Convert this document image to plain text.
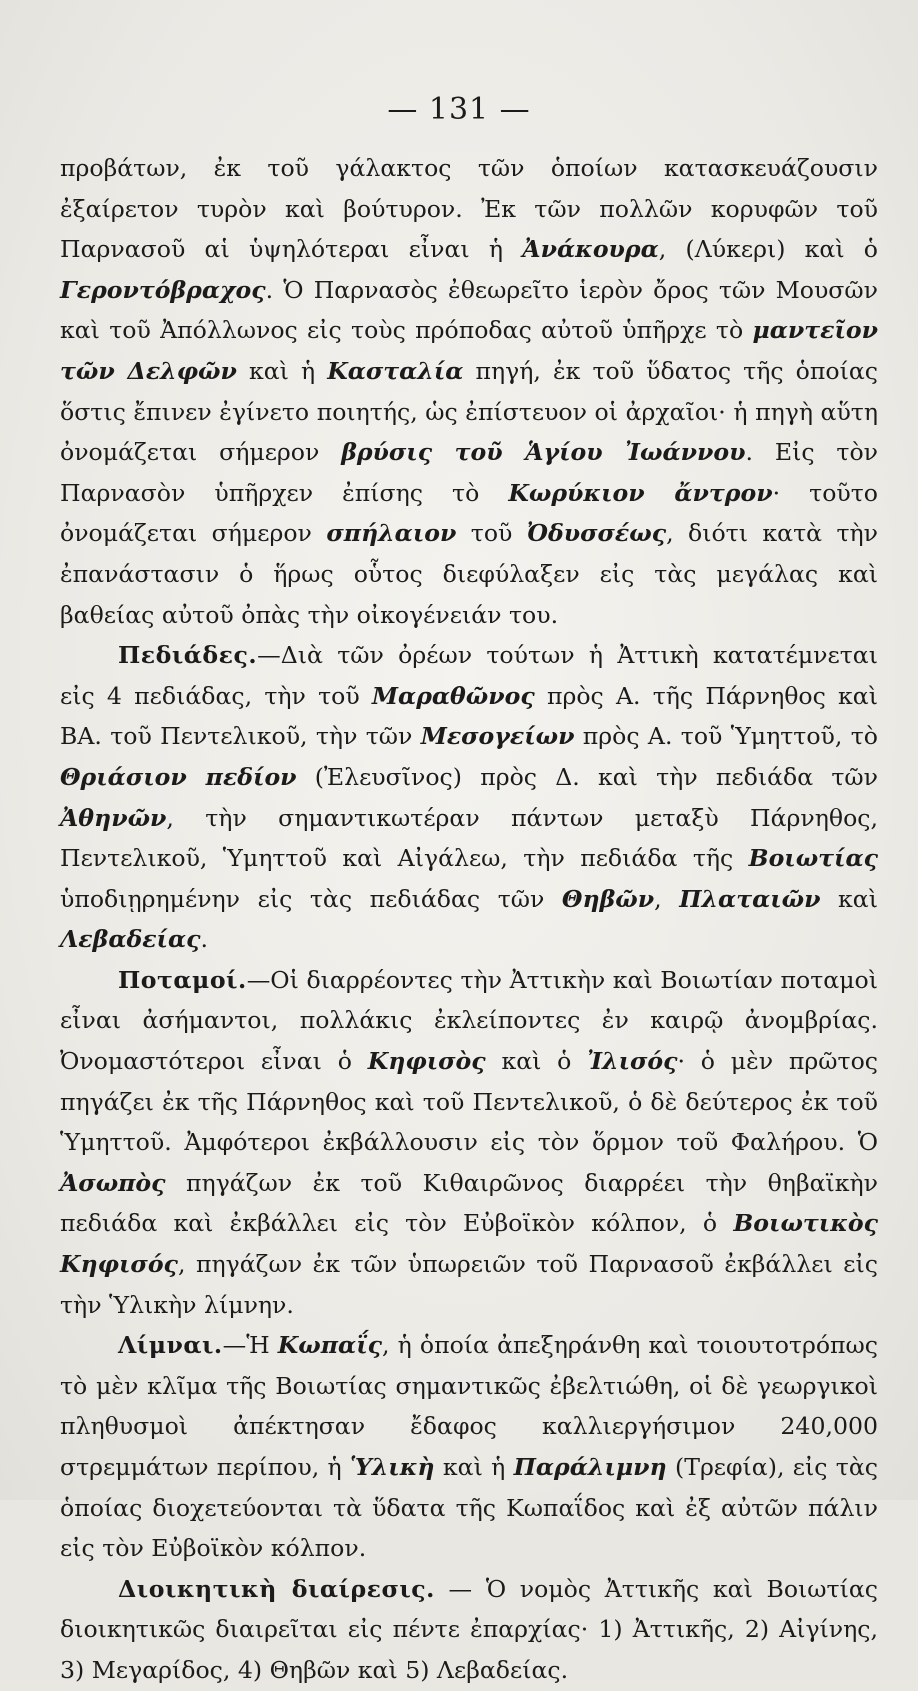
— 131 —

προβάτων, ἐκ τοῦ γάλακτος τῶν ὁποίων κατασκευάζουσιν ἐξαίρετον τυρὸν καὶ βούτυρον. Ἐκ τῶν πολλῶν κορυφῶν τοῦ Παρνασοῦ αἱ ὑψηλότεραι εἶναι ἡ Ἀνάκουρα, (Λύκερι) καὶ ὁ Γεροντόβραχος. Ὁ Παρνασὸς ἐθεωρεῖτο ἱερὸν ὄρος τῶν Μουσῶν καὶ τοῦ Ἀπόλλωνος εἰς τοὺς πρόποδας αὐτοῦ ὑπῆρχε τὸ μαντεῖον τῶν Δελφῶν καὶ ἡ Κασταλία πηγή, ἐκ τοῦ ὕδατος τῆς ὁποίας ὅστις ἔπινεν ἐγίνετο ποιητής, ὡς ἐπίστευον οἱ ἀρχαῖοι· ἡ πηγὴ αὕτη ὀνομάζεται σήμερον βρύσις τοῦ Ἁγίου Ἰωάννου. Εἰς τὸν Παρνασὸν ὑπῆρχεν ἐπίσης τὸ Κωρύκιον ἄντρον· τοῦτο ὀνομάζεται σήμερον σπήλαιον τοῦ Ὀδυσσέως, διότι κατὰ τὴν ἐπανάστασιν ὁ ἥρως οὗτος διεφύλαξεν εἰς τὰς μεγάλας καὶ βαθείας αὐτοῦ ὀπὰς τὴν οἰκογένειάν του.

Πεδιάδες.—Διὰ τῶν ὀρέων τούτων ἡ Ἀττικὴ κατατέμνεται εἰς 4 πεδιάδας, τὴν τοῦ Μαραθῶνος πρὸς Α. τῆς Πάρνηθος καὶ ΒΑ. τοῦ Πεντελικοῦ, τὴν τῶν Μεσογείων πρὸς Α. τοῦ Ὑμηττοῦ, τὸ Θριάσιον πεδίον (Ἐλευσῖνος) πρὸς Δ. καὶ τὴν πεδιάδα τῶν Ἀθηνῶν, τὴν σημαντικωτέραν πάντων μεταξὺ Πάρνηθος, Πεντελικοῦ, Ὑμηττοῦ καὶ Αἰγάλεω, τὴν πεδιάδα τῆς Βοιωτίας ὑποδιῃρημένην εἰς τὰς πεδιάδας τῶν Θηβῶν, Πλαταιῶν καὶ Λεβαδείας.

Ποταμοί.—Οἱ διαρρέοντες τὴν Ἀττικὴν καὶ Βοιωτίαν ποταμοὶ εἶναι ἀσήμαντοι, πολλάκις ἐκλείποντες ἐν καιρῷ ἀνομβρίας. Ὀνομαστότεροι εἶναι ὁ Κηφισὸς καὶ ὁ Ἰλισός· ὁ μὲν πρῶτος πηγάζει ἐκ τῆς Πάρνηθος καὶ τοῦ Πεντελικοῦ, ὁ δὲ δεύτερος ἐκ τοῦ Ὑμηττοῦ. Ἀμφότεροι ἐκβάλλουσιν εἰς τὸν ὅρμον τοῦ Φαλήρου. Ὁ Ἀσωπὸς πηγάζων ἐκ τοῦ Κιθαιρῶνος διαρρέει τὴν θηβαϊκὴν πεδιάδα καὶ ἐκβάλλει εἰς τὸν Εὐβοϊκὸν κόλπον, ὁ Βοιωτικὸς Κηφισός, πηγάζων ἐκ τῶν ὑπωρειῶν τοῦ Παρνασοῦ ἐκβάλλει εἰς τὴν Ὑλικὴν λίμνην.

Λίμναι.—Ἡ Κωπαΐς, ἡ ὁποία ἀπεξηράνθη καὶ τοιουτοτρόπως τὸ μὲν κλῖμα τῆς Βοιωτίας σημαντικῶς ἐβελτιώθη, οἱ δὲ γεωργικοὶ πληθυσμοὶ ἀπέκτησαν ἔδαφος καλλιεργήσιμον 240,000 στρεμμάτων περίπου, ἡ Ὑλικὴ καὶ ἡ Παράλιμνη (Τρεφία), εἰς τὰς ὁποίας διοχετεύονται τὰ ὕδατα τῆς Κωπαΐδος καὶ ἐξ αὐτῶν πάλιν εἰς τὸν Εὐβοϊκὸν κόλπον.

Διοικητικὴ διαίρεσις. — Ὁ νομὸς Ἀττικῆς καὶ Βοιωτίας διοικητικῶς διαιρεῖται εἰς πέντε ἐπαρχίας· 1) Ἀττικῆς, 2) Αἰγίνης, 3) Μεγαρίδος, 4) Θηβῶν καὶ 5) Λεβαδείας.
